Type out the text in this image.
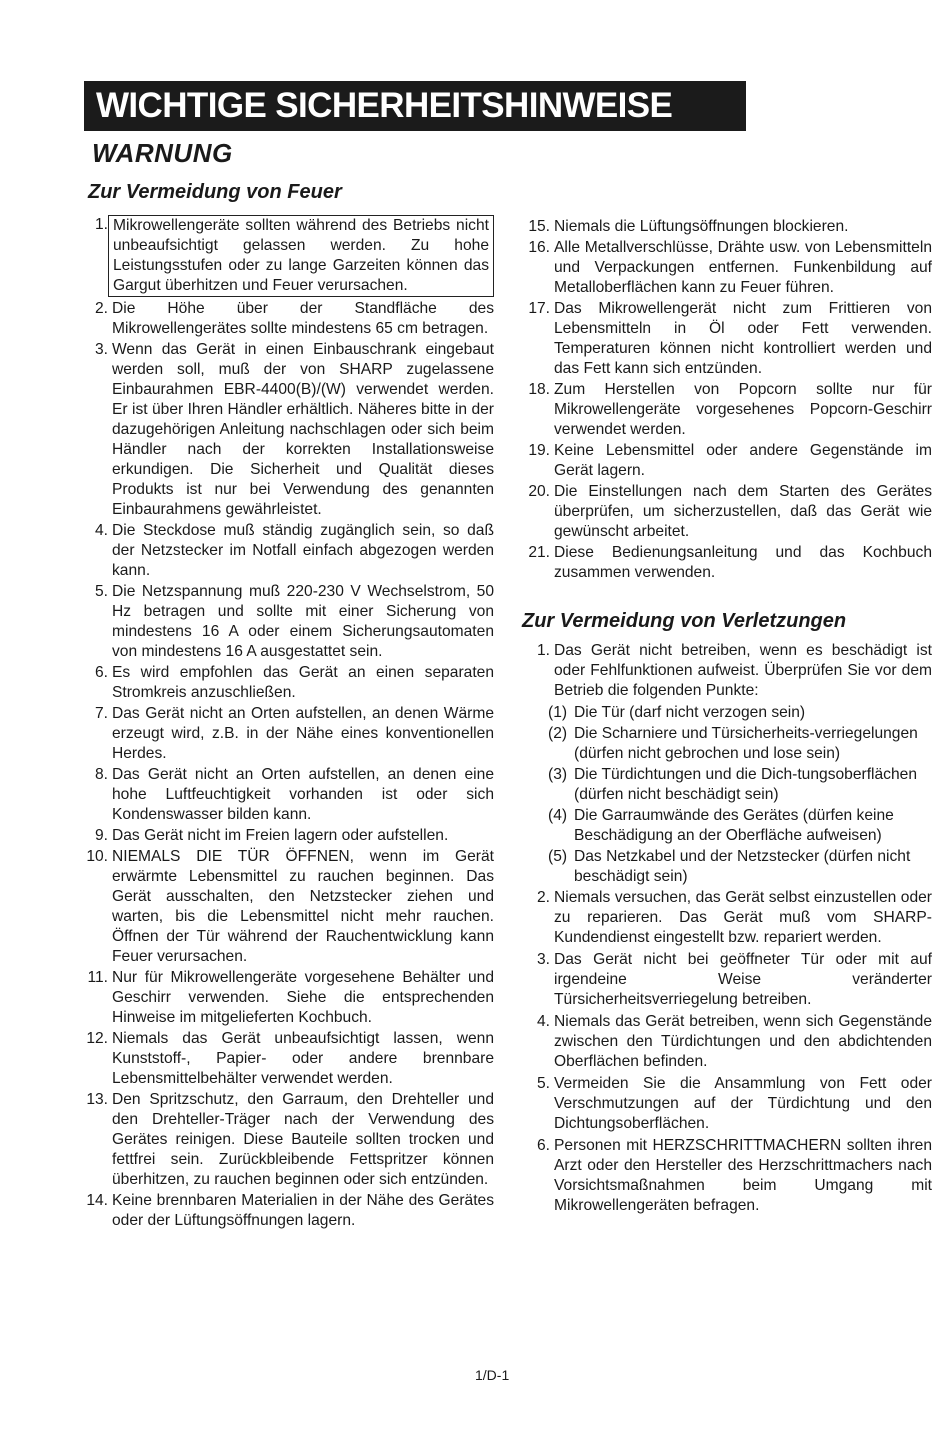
WICHTIGE SICHERHEITSHINWEISE
WARNUNG
Zur Vermeidung von Feuer
1. Mikrowellengeräte sollten während des Betriebs nicht unbeaufsichtigt gelassen werden. Zu hohe Leistungsstufen oder zu lange Garzeiten können das Gargut überhitzen und Feuer verursachen.
2. Die Höhe über der Standfläche des Mikrowellengerätes sollte mindestens 65 cm betragen.
3. Wenn das Gerät in einen Einbauschrank eingebaut werden soll, muß der von SHARP zugelassene Einbaurahmen EBR-4400(B)/(W) verwendet werden. Er ist über Ihren Händler erhältlich. Näheres bitte in der dazugehörigen Anleitung nachschlagen oder sich beim Händler nach der korrekten Installationsweise erkundigen. Die Sicherheit und Qualität dieses Produkts ist nur bei Verwendung des genannten Einbaurahmens gewährleistet.
4. Die Steckdose muß ständig zugänglich sein, so daß der Netzstecker im Notfall einfach abgezogen werden kann.
5. Die Netzspannung muß 220-230 V Wechselstrom, 50 Hz betragen und sollte mit einer Sicherung von mindestens 16 A oder einem Sicherungsautomaten von mindestens 16 A ausgestattet sein.
6. Es wird empfohlen das Gerät an einen separaten Stromkreis anzuschließen.
7. Das Gerät nicht an Orten aufstellen, an denen Wärme erzeugt wird, z.B. in der Nähe eines konventionellen Herdes.
8. Das Gerät nicht an Orten aufstellen, an denen eine hohe Luftfeuchtigkeit vorhanden ist oder sich Kondenswasser bilden kann.
9. Das Gerät nicht im Freien lagern oder aufstellen.
10. NIEMALS DIE TÜR ÖFFNEN, wenn im Gerät erwärmte Lebensmittel zu rauchen beginnen. Das Gerät ausschalten, den Netzstecker ziehen und warten, bis die Lebensmittel nicht mehr rauchen. Öffnen der Tür während der Rauchentwicklung kann Feuer verursachen.
11. Nur für Mikrowellengeräte vorgesehene Behälter und Geschirr verwenden. Siehe die entsprechenden Hinweise im mitgelieferten Kochbuch.
12. Niemals das Gerät unbeaufsichtigt lassen, wenn Kunststoff-, Papier- oder andere brennbare Lebensmittelbehälter verwendet werden.
13. Den Spritzschutz, den Garraum, den Drehteller und den Drehteller-Träger nach der Verwendung des Gerätes reinigen. Diese Bauteile sollten trocken und fettfrei sein. Zurückbleibende Fettspritzer können überhitzen, zu rauchen beginnen oder sich entzünden.
14. Keine brennbaren Materialien in der Nähe des Gerätes oder der Lüftungsöffnungen lagern.
15. Niemals die Lüftungsöffnungen blockieren.
16. Alle Metallverschlüsse, Drähte usw. von Lebensmitteln und Verpackungen entfernen. Funkenbildung auf Metalloberflächen kann zu Feuer führen.
17. Das Mikrowellengerät nicht zum Frittieren von Lebensmitteln in Öl oder Fett verwenden. Temperaturen können nicht kontrolliert werden und das Fett kann sich entzünden.
18. Zum Herstellen von Popcorn sollte nur für Mikrowellengeräte vorgesehenes Popcorn-Geschirr verwendet werden.
19. Keine Lebensmittel oder andere Gegenstände im Gerät lagern.
20. Die Einstellungen nach dem Starten des Gerätes überprüfen, um sicherzustellen, daß das Gerät wie gewünscht arbeitet.
21. Diese Bedienungsanleitung und das Kochbuch zusammen verwenden.
Zur Vermeidung von Verletzungen
1. Das Gerät nicht betreiben, wenn es beschädigt ist oder Fehlfunktionen aufweist. Überprüfen Sie vor dem Betrieb die folgenden Punkte:
(1) Die Tür (darf nicht verzogen sein)
(2) Die Scharniere und Türsicherheits-verriegelungen (dürfen nicht gebrochen und lose sein)
(3) Die Türdichtungen und die Dich-tungsoberflächen (dürfen nicht beschädigt sein)
(4) Die Garraumwände des Gerätes (dürfen keine Beschädigung an der Oberfläche aufweisen)
(5) Das Netzkabel und der Netzstecker (dürfen nicht beschädigt sein)
2. Niemals versuchen, das Gerät selbst einzustellen oder zu reparieren. Das Gerät muß vom SHARP-Kundendienst eingestellt bzw. repariert werden.
3. Das Gerät nicht bei geöffneter Tür oder mit auf irgendeine Weise veränderter Türsicherheitsverriegelung betreiben.
4. Niemals das Gerät betreiben, wenn sich Gegenstände zwischen den Türdichtungen und den abdichtenden Oberflächen befinden.
5. Vermeiden Sie die Ansammlung von Fett oder Verschmutzungen auf der Türdichtung und den Dichtungsoberflächen.
6. Personen mit HERZSCHRITTMACHERN sollten ihren Arzt oder den Hersteller des Herzschrittmachers nach Vorsichtsmaßnahmen beim Umgang mit Mikrowellengeräten befragen.
1/D-1
